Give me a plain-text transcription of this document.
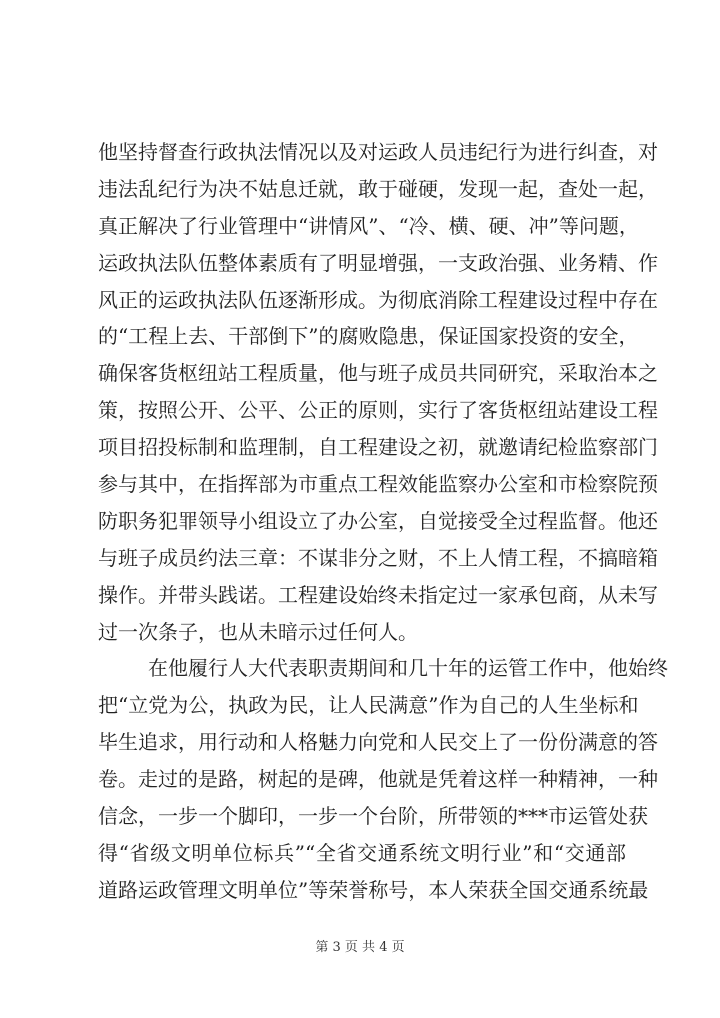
他坚持督查行政执法情况以及对运政人员违纪行为进行纠查，对
违法乱纪行为决不姑息迁就，敢于碰硬，发现一起，查处一起，
真正解决了行业管理中“讲情风”、“冷、横、硬、冲”等问题，
运政执法队伍整体素质有了明显增强，一支政治强、业务精、作
风正的运政执法队伍逐渐形成。为彻底消除工程建设过程中存在
的“工程上去、干部倒下”的腐败隐患，保证国家投资的安全，
确保客货枢纽站工程质量，他与班子成员共同研究，采取治本之
策，按照公开、公平、公正的原则，实行了客货枢纽站建设工程
项目招投标制和监理制，自工程建设之初，就邀请纪检监察部门
参与其中，在指挥部为市重点工程效能监察办公室和市检察院预
防职务犯罪领导小组设立了办公室，自觉接受全过程监督。他还
与班子成员约法三章：不谋非分之财，不上人情工程，不搞暗箱
操作。并带头践诺。工程建设始终未指定过一家承包商，从未写
过一次条子，也从未暗示过任何人。
在他履行人大代表职责期间和几十年的运管工作中，他始终
把“立党为公，执政为民，让人民满意”作为自己的人生坐标和
毕生追求，用行动和人格魅力向党和人民交上了一份份满意的答
卷。走过的是路，树起的是碑，他就是凭着这样一种精神，一种
信念，一步一个脚印，一步一个台阶，所带领的***市运管处获
得“省级文明单位标兵”“全省交通系统文明行业”和“交通部
道路运政管理文明单位”等荣誉称号，本人荣获全国交通系统最
第 3 页 共 4 页
